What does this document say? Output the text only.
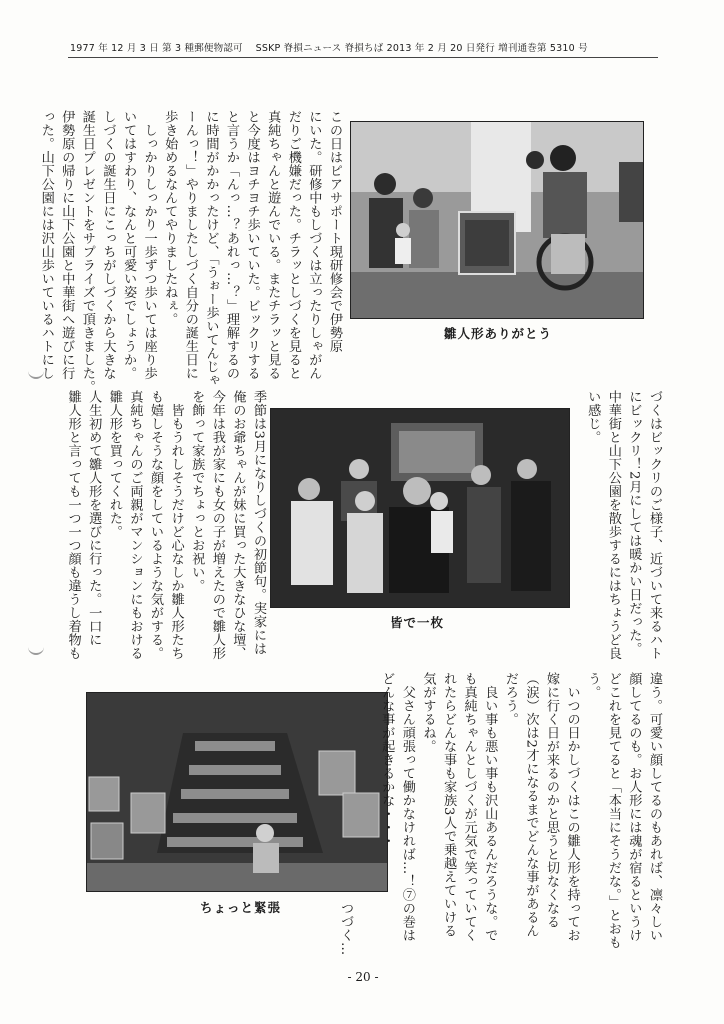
1977 年 12 月 3 日 第 3 種郵便物認可　 SSKP 脊損ニュース 脊損ちば 2013 年 2 月 20 日発行 増刊通巻第 5310 号
この日はピアサポート現研修会で伊勢原
にいた。研修中もしづくは立ったりしゃがん
だりご機嫌だった。チラッとしづくを見ると
真純ちゃんと遊んでいる。またチラッと見る
と今度はヨチヨチ歩いていた。ビックリする
と言うか「んっ…？あれっ…？」理解するの
に時間がかかったけど、「うぉー歩いてんじゃ
ーんっ！」やりましたしづく自分の誕生日に
歩き始めるなんてやりましたねぇ。
　しっかりしっかり一歩ずつ歩いては座り歩
いてはすわり、なんと可愛い姿でしょうか。
しづくの誕生日にこっちがしづくから大きな
誕生日プレゼントをサプライズで頂きました。
伊勢原の帰りに山下公園と中華街へ遊びに行
った。山下公園には沢山歩いているハトにし	雛人形ありがとう
づくはビックリのご様子、近づいて来るハト
にビックリ！2月にしては暖かい日だった。
中華街と山下公園を散歩するにはちょうど良
い感じ。
季節は3月になりしづくの初節句。実家には
俺のお爺ちゃんが妹に買った大きなひな壇、
今年は我が家にも女の子が増えたので雛人形
を飾って家族でちょっとお祝い。
　皆もうれしそうだけど心なしか雛人形たち
も嬉しそうな顔をしているような気がする。
真純ちゃんのご両親がマンションにもおける
雛人形を買ってくれた。
人生初めて雛人形を選びに行った。一口に
雛人形と言っても一つ一つ顔も違うし着物も	皆で一枚
ちょっと緊張	違う。可愛い顔してるのもあれば、凛々しい
顔してるのも。お人形には魂が宿るというけ
どこれを見てると「本当にそうだな。」とおも
う。
　いつの日かしづくはこの雛人形を持ってお
嫁に行く日が来るのかと思うと切なくなる
（涙）次は2才になるまでどんな事があるん
だろう。
　良い事も悪い事も沢山あるんだろうな。で
も真純ちゃんとしづくが元気で笑っていてく
れたらどんな事も家族3人で乗越えていける
気がするね。
　父さん頑張って働かなければ…！⑦の巻は
どんな事が起きるかな・・・

　　　　　　　　　　　　　　　　　つづく…
- 20 -
